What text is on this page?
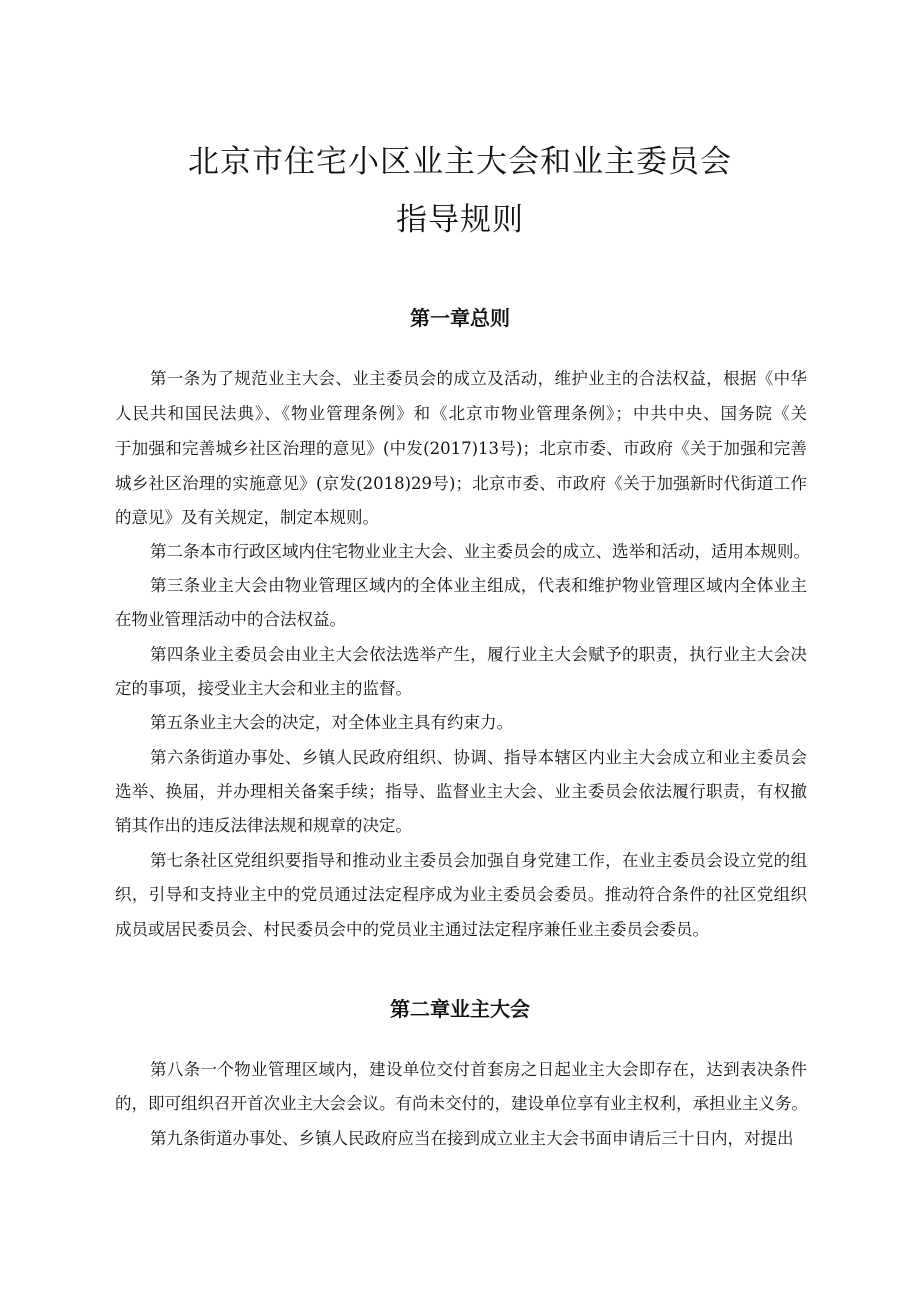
北京市住宅小区业主大会和业主委员会
指导规则
第一章总则
第一条为了规范业主大会、业主委员会的成立及活动，维护业主的合法权益，根据《中华
人民共和国民法典》、《物业管理条例》和《北京市物业管理条例》；中共中央、国务院《关
于加强和完善城乡社区治理的意见》(中发(2017)13号)；北京市委、市政府《关于加强和完善
城乡社区治理的实施意见》(京发(2018)29号)；北京市委、市政府《关于加强新时代街道工作
的意见》及有关规定，制定本规则。
第二条本市行政区域内住宅物业业主大会、业主委员会的成立、选举和活动，适用本规则。
第三条业主大会由物业管理区域内的全体业主组成，代表和维护物业管理区域内全体业主
在物业管理活动中的合法权益。
第四条业主委员会由业主大会依法选举产生，履行业主大会赋予的职责，执行业主大会决
定的事项，接受业主大会和业主的监督。
第五条业主大会的决定，对全体业主具有约束力。
第六条街道办事处、乡镇人民政府组织、协调、指导本辖区内业主大会成立和业主委员会
选举、换届，并办理相关备案手续；指导、监督业主大会、业主委员会依法履行职责，有权撤
销其作出的违反法律法规和规章的决定。
第七条社区党组织要指导和推动业主委员会加强自身党建工作，在业主委员会设立党的组
织，引导和支持业主中的党员通过法定程序成为业主委员会委员。推动符合条件的社区党组织
成员或居民委员会、村民委员会中的党员业主通过法定程序兼任业主委员会委员。
第二章业主大会
第八条一个物业管理区域内，建设单位交付首套房之日起业主大会即存在，达到表决条件
的，即可组织召开首次业主大会会议。有尚未交付的，建设单位享有业主权利，承担业主义务。
第九条街道办事处、乡镇人民政府应当在接到成立业主大会书面申请后三十日内，对提出
